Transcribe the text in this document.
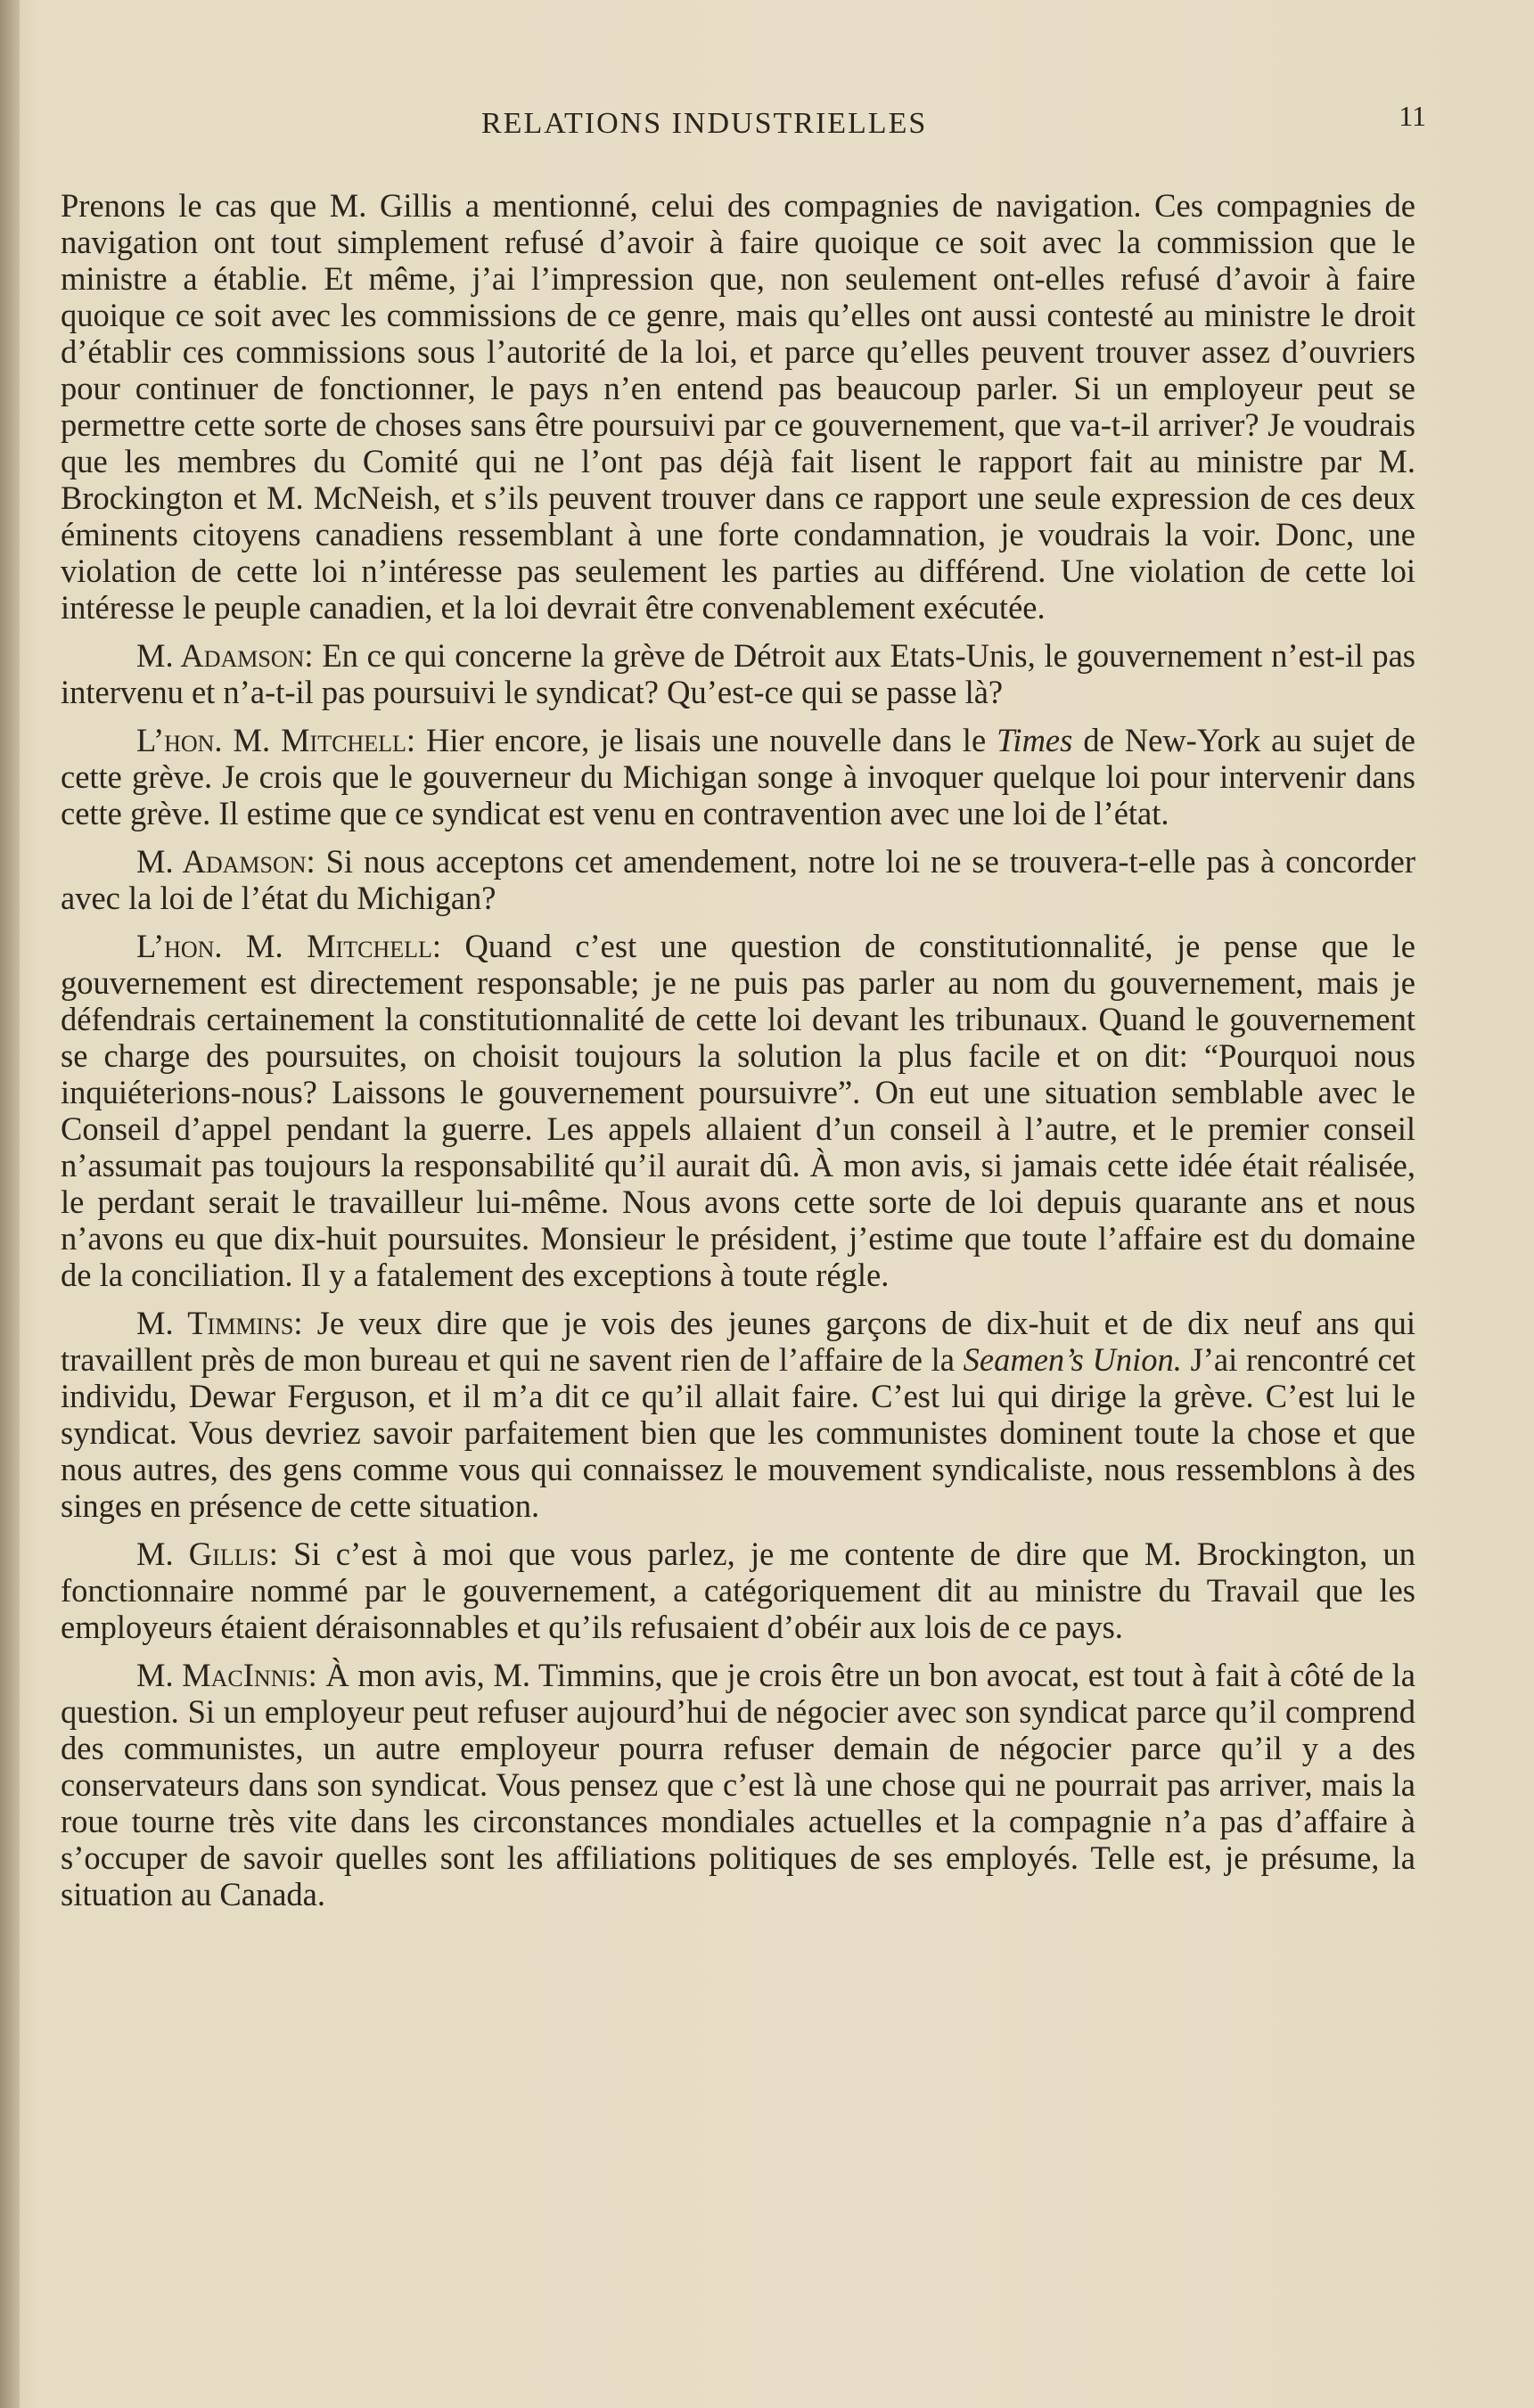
RELATIONS INDUSTRIELLES	11

Prenons le cas que M. Gillis a mentionné, celui des compagnies de navigation. Ces compagnies de navigation ont tout simplement refusé d’avoir à faire quoique ce soit avec la commission que le ministre a établie. Et même, j’ai l’impression que, non seulement ont-elles refusé d’avoir à faire quoique ce soit avec les commissions de ce genre, mais qu’elles ont aussi contesté au ministre le droit d’établir ces commissions sous l’autorité de la loi, et parce qu’elles peuvent trouver assez d’ouvriers pour continuer de fonctionner, le pays n’en entend pas beaucoup parler. Si un employeur peut se permettre cette sorte de choses sans être poursuivi par ce gouvernement, que va-t-il arriver? Je voudrais que les membres du Comité qui ne l’ont pas déjà fait lisent le rapport fait au ministre par M. Brockington et M. McNeish, et s’ils peuvent trouver dans ce rapport une seule expression de ces deux éminents citoyens canadiens ressemblant à une forte condamnation, je voudrais la voir. Donc, une violation de cette loi n’intéresse pas seulement les parties au différend. Une violation de cette loi intéresse le peuple canadien, et la loi devrait être convenablement exécutée.

M. Adamson: En ce qui concerne la grève de Détroit aux Etats-Unis, le gouvernement n’est-il pas intervenu et n’a-t-il pas poursuivi le syndicat? Qu’est-ce qui se passe là?

L’hon. M. Mitchell: Hier encore, je lisais une nouvelle dans le Times de New-York au sujet de cette grève. Je crois que le gouverneur du Michigan songe à invoquer quelque loi pour intervenir dans cette grève. Il estime que ce syndicat est venu en contravention avec une loi de l’état.

M. Adamson: Si nous acceptons cet amendement, notre loi ne se trouvera-t-elle pas à concorder avec la loi de l’état du Michigan?

L’hon. M. Mitchell: Quand c’est une question de constitutionnalité, je pense que le gouvernement est directement responsable; je ne puis pas parler au nom du gouvernement, mais je défendrais certainement la constitutionnalité de cette loi devant les tribunaux. Quand le gouvernement se charge des poursuites, on choisit toujours la solution la plus facile et on dit: “Pourquoi nous inquiéterions-nous? Laissons le gouvernement poursuivre”. On eut une situation semblable avec le Conseil d’appel pendant la guerre. Les appels allaient d’un conseil à l’autre, et le premier conseil n’assumait pas toujours la responsabilité qu’il aurait dû. À mon avis, si jamais cette idée était réalisée, le perdant serait le travailleur lui-même. Nous avons cette sorte de loi depuis quarante ans et nous n’avons eu que dix-huit poursuites. Monsieur le président, j’estime que toute l’affaire est du domaine de la conciliation. Il y a fatalement des exceptions à toute régle.

M. Timmins: Je veux dire que je vois des jeunes garçons de dix-huit et de dix neuf ans qui travaillent près de mon bureau et qui ne savent rien de l’affaire de la Seamen’s Union. J’ai rencontré cet individu, Dewar Ferguson, et il m’a dit ce qu’il allait faire. C’est lui qui dirige la grève. C’est lui le syndicat. Vous devriez savoir parfaitement bien que les communistes dominent toute la chose et que nous autres, des gens comme vous qui connaissez le mouvement syndicaliste, nous ressemblons à des singes en présence de cette situation.

M. Gillis: Si c’est à moi que vous parlez, je me contente de dire que M. Brockington, un fonctionnaire nommé par le gouvernement, a catégoriquement dit au ministre du Travail que les employeurs étaient déraisonnables et qu’ils refusaient d’obéir aux lois de ce pays.

M. MacInnis: À mon avis, M. Timmins, que je crois être un bon avocat, est tout à fait à côté de la question. Si un employeur peut refuser aujourd’hui de négocier avec son syndicat parce qu’il comprend des communistes, un autre employeur pourra refuser demain de négocier parce qu’il y a des conservateurs dans son syndicat. Vous pensez que c’est là une chose qui ne pourrait pas arriver, mais la roue tourne très vite dans les circonstances mondiales actuelles et la compagnie n’a pas d’affaire à s’occuper de savoir quelles sont les affiliations politiques de ses employés. Telle est, je présume, la situation au Canada.
